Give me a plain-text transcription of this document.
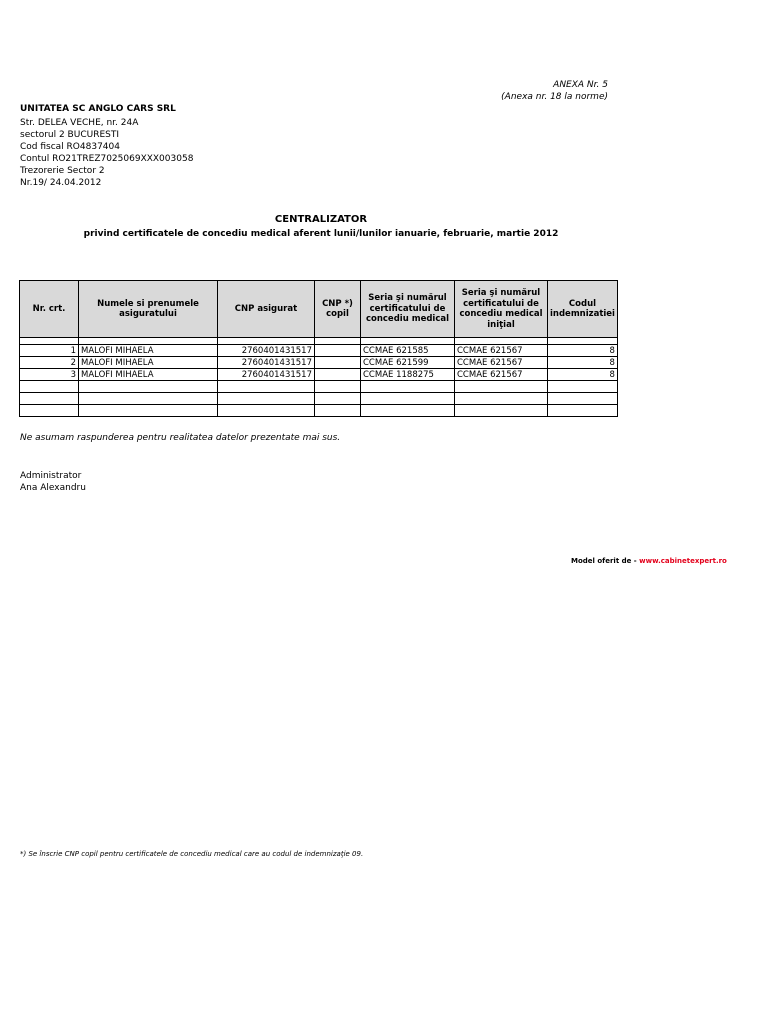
ANEXA Nr. 5
(Anexa nr. 18 la norme)
UNITATEA SC ANGLO CARS SRL
Str. DELEA VECHE, nr. 24A
sectorul 2 BUCURESTI
Cod fiscal RO4837404
Contul RO21TREZ7025069XXX003058
Trezorerie Sector 2
Nr.19/ 24.04.2012
CENTRALIZATOR
privind certificatele de concediu medical aferent lunii/lunilor ianuarie, februarie, martie 2012
Nr. crt.	Numele si prenumele asiguratului	CNP asigurat	CNP *) copil	Seria şi numărul certificatului de concediu medical	Seria şi numărul certificatului de concediu medical iniţial	Codul indemnizatiei

1	MALOFI MIHAELA	2760401431517		CCMAE 621585	CCMAE 621567	8
2	MALOFI MIHAELA	2760401431517		CCMAE 621599	CCMAE 621567	8
3	MALOFI MIHAELA	2760401431517		CCMAE 1188275	CCMAE 621567	8

Ne asumam raspunderea pentru realitatea datelor prezentate mai sus.
Administrator
Ana Alexandru
Model oferit de - www.cabinetexpert.ro
*) Se înscrie CNP copil pentru certificatele de concediu medical care au codul de indemnizaţie 09.
